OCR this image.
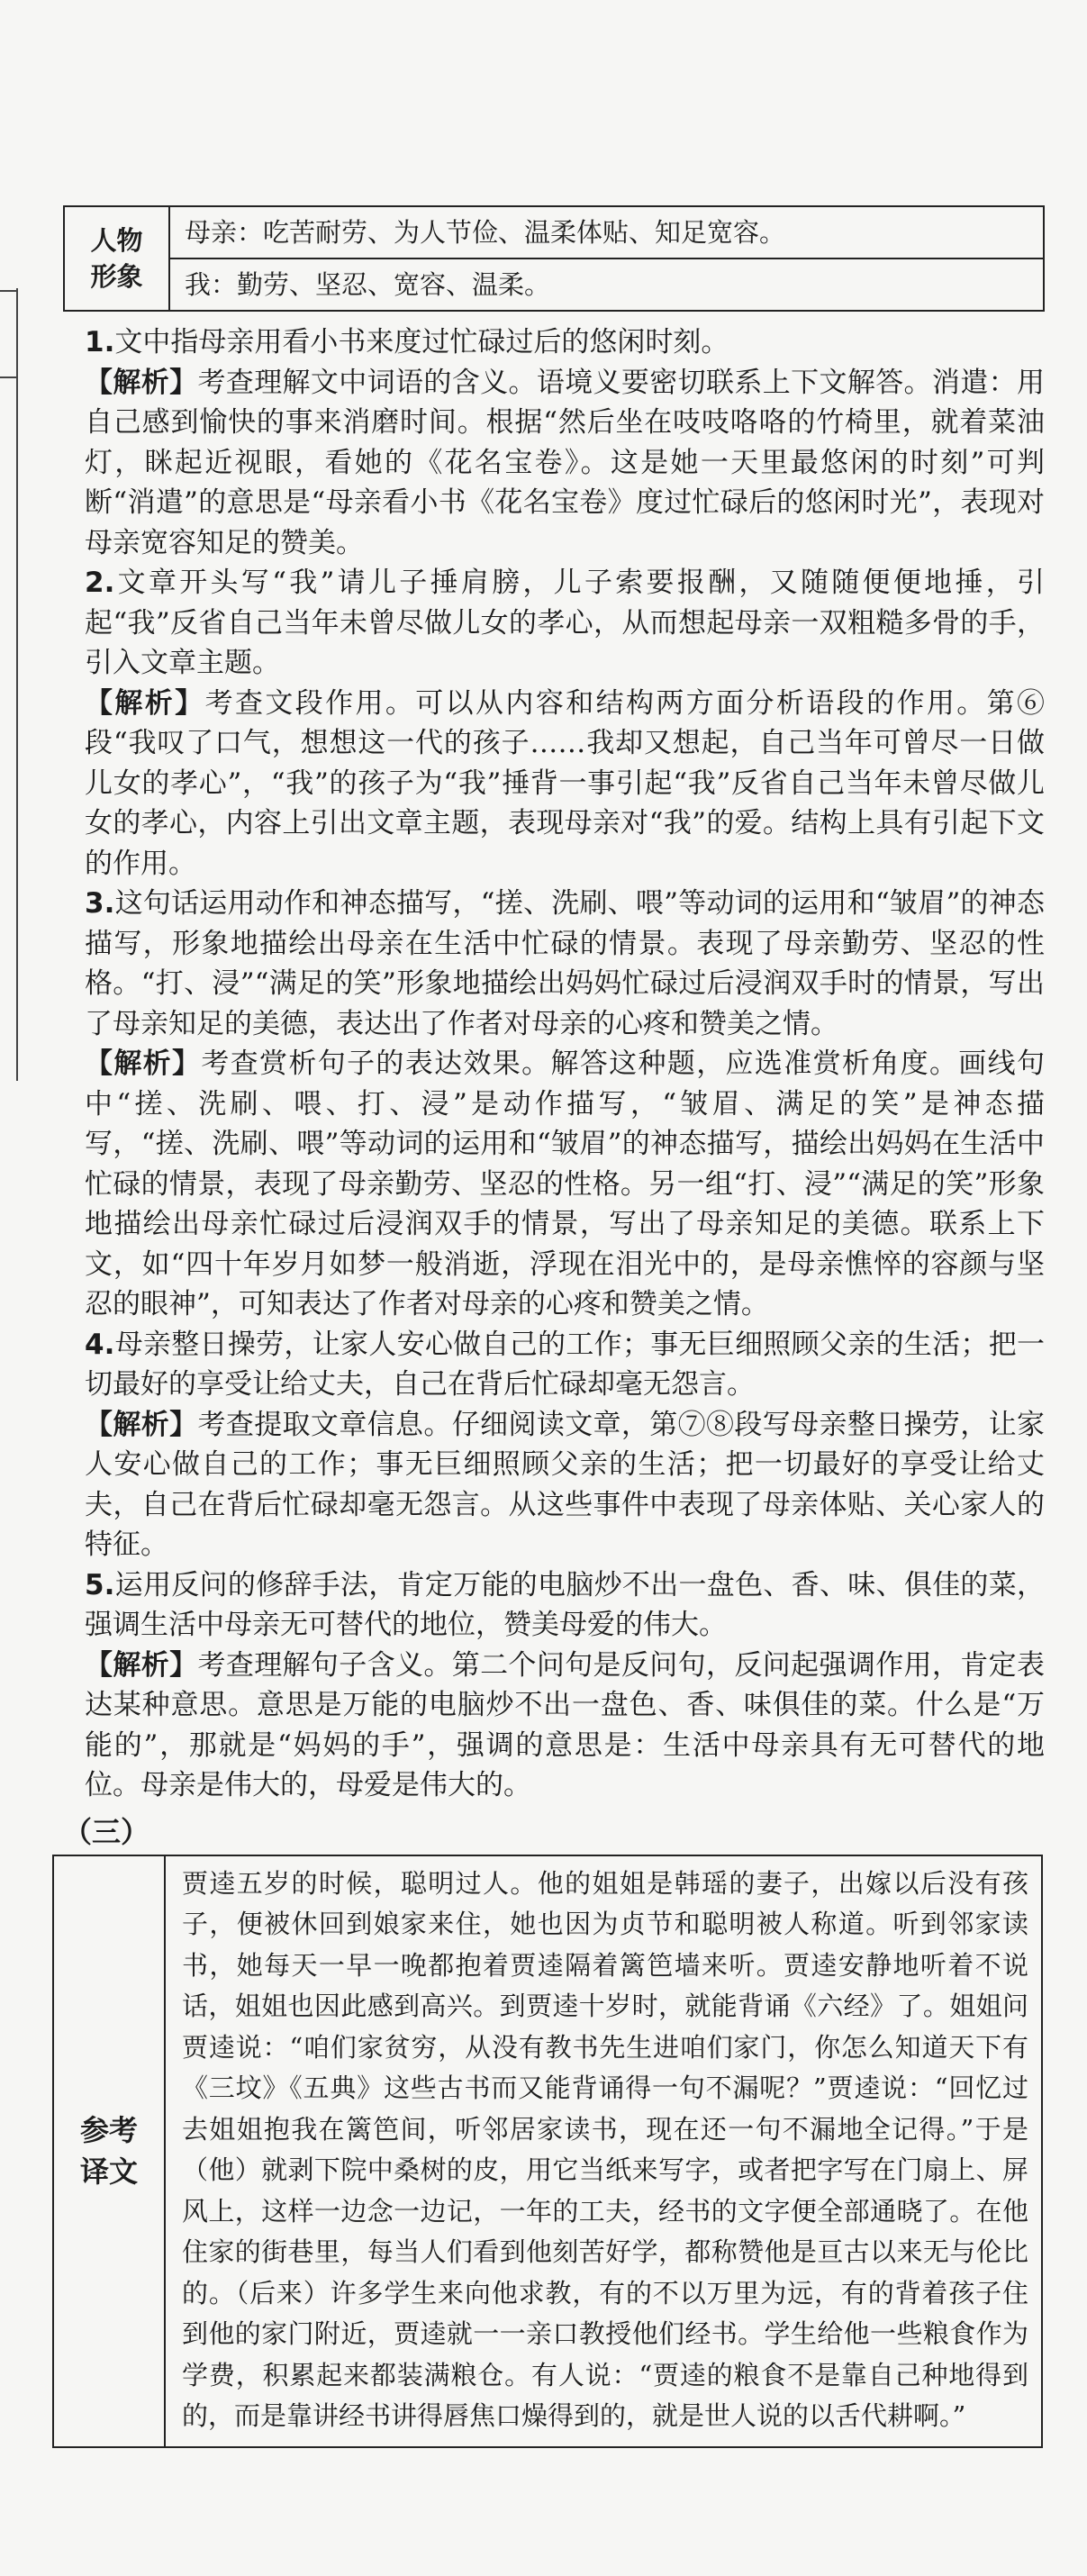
人物
形象
	母亲：吃苦耐劳、为人节俭、温柔体贴、知足宽容。
我：勤劳、坚忍、宽容、温柔。
1.文中指母亲用看小书来度过忙碌过后的悠闲时刻。
【解析】考查理解文中词语的含义。语境义要密切联系上下文解答。消遣：用自己感到愉快的事来消磨时间。根据“然后坐在吱吱咯咯的竹椅里，就着菜油灯，眯起近视眼，看她的《花名宝卷》。这是她一天里最悠闲的时刻”可判断“消遣”的意思是“母亲看小书《花名宝卷》度过忙碌后的悠闲时光”，表现对母亲宽容知足的赞美。
2.文章开头写“我”请儿子捶肩膀，儿子索要报酬，又随随便便地捶，引起“我”反省自己当年未曾尽做儿女的孝心，从而想起母亲一双粗糙多骨的手，引入文章主题。
【解析】考查文段作用。可以从内容和结构两方面分析语段的作用。第⑥段“我叹了口气，想想这一代的孩子……我却又想起，自己当年可曾尽一日做儿女的孝心”，“我”的孩子为“我”捶背一事引起“我”反省自己当年未曾尽做儿女的孝心，内容上引出文章主题，表现母亲对“我”的爱。结构上具有引起下文的作用。
3.这句话运用动作和神态描写，“搓、洗刷、喂”等动词的运用和“皱眉”的神态描写，形象地描绘出母亲在生活中忙碌的情景。表现了母亲勤劳、坚忍的性格。“打、浸”“满足的笑”形象地描绘出妈妈忙碌过后浸润双手时的情景，写出了母亲知足的美德，表达出了作者对母亲的心疼和赞美之情。
【解析】考查赏析句子的表达效果。解答这种题，应选准赏析角度。画线句中“搓、洗刷、喂、打、浸”是动作描写，“皱眉、满足的笑”是神态描写，“搓、洗刷、喂”等动词的运用和“皱眉”的神态描写，描绘出妈妈在生活中忙碌的情景，表现了母亲勤劳、坚忍的性格。另一组“打、浸”“满足的笑”形象地描绘出母亲忙碌过后浸润双手的情景，写出了母亲知足的美德。联系上下文，如“四十年岁月如梦一般消逝，浮现在泪光中的，是母亲憔悴的容颜与坚忍的眼神”，可知表达了作者对母亲的心疼和赞美之情。
4.母亲整日操劳，让家人安心做自己的工作；事无巨细照顾父亲的生活；把一切最好的享受让给丈夫，自己在背后忙碌却毫无怨言。
【解析】考查提取文章信息。仔细阅读文章，第⑦⑧段写母亲整日操劳，让家人安心做自己的工作；事无巨细照顾父亲的生活；把一切最好的享受让给丈夫，自己在背后忙碌却毫无怨言。从这些事件中表现了母亲体贴、关心家人的特征。
5.运用反问的修辞手法，肯定万能的电脑炒不出一盘色、香、味、俱佳的菜，强调生活中母亲无可替代的地位，赞美母爱的伟大。
【解析】考查理解句子含义。第二个问句是反问句，反问起强调作用，肯定表达某种意思。意思是万能的电脑炒不出一盘色、香、味俱佳的菜。什么是“万能的”，那就是“妈妈的手”，强调的意思是：生活中母亲具有无可替代的地位。母亲是伟大的，母爱是伟大的。
（三）
参考
译文
	贾逵五岁的时候，聪明过人。他的姐姐是韩瑶的妻子，出嫁以后没有孩子，便被休回到娘家来住，她也因为贞节和聪明被人称道。听到邻家读书，她每天一早一晚都抱着贾逵隔着篱笆墙来听。贾逵安静地听着不说话，姐姐也因此感到高兴。到贾逵十岁时，就能背诵《六经》了。姐姐问贾逵说：“咱们家贫穷，从没有教书先生进咱们家门，你怎么知道天下有《三坟》《五典》这些古书而又能背诵得一句不漏呢？”贾逵说：“回忆过去姐姐抱我在篱笆间，听邻居家读书，现在还一句不漏地全记得。”于是（他）就剥下院中桑树的皮，用它当纸来写字，或者把字写在门扇上、屏风上，这样一边念一边记，一年的工夫，经书的文字便全部通晓了。在他住家的街巷里，每当人们看到他刻苦好学，都称赞他是亘古以来无与伦比的。（后来）许多学生来向他求教，有的不以万里为远，有的背着孩子住到他的家门附近，贾逵就一一亲口教授他们经书。学生给他一些粮食作为学费，积累起来都装满粮仓。有人说：“贾逵的粮食不是靠自己种地得到的，而是靠讲经书讲得唇焦口燥得到的，就是世人说的以舌代耕啊。”
